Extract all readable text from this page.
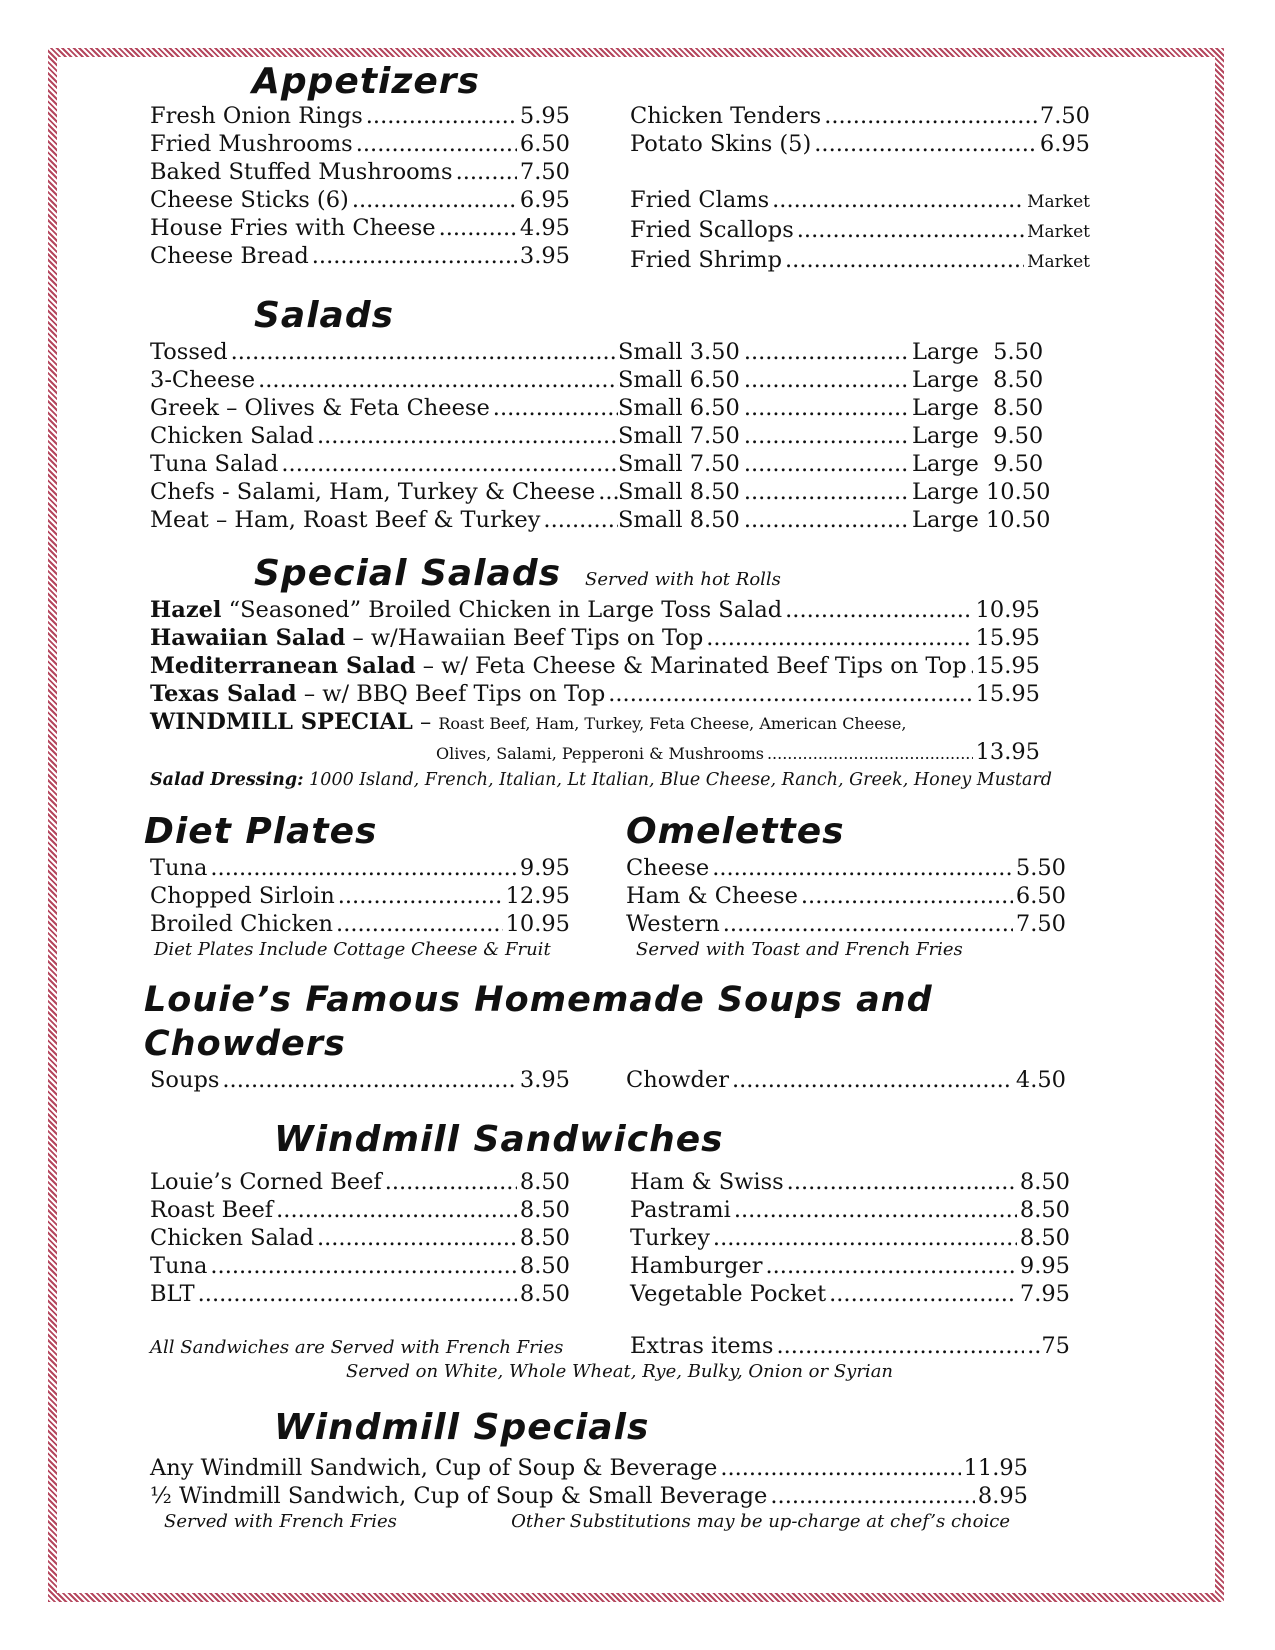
Appetizers
Fresh Onion Rings .....	5.95
Fried Mushrooms .....	6.50
Baked Stuffed Mushrooms .....	7.50
Cheese Sticks (6) .....	6.95
House Fries with Cheese .....	4.95
Cheese Bread .....	3.95
Chicken Tenders .....	7.50
Potato Skins (5) .....	6.95
Fried Clams .....	Market
Fried Scallops .....	Market
Fried Shrimp .....	Market
Salads
Tossed .....	Small 3.50 .....	Large  5.50
3-Cheese .....	Small 6.50 .....	Large  8.50
Greek – Olives & Feta Cheese .....	Small 6.50 .....	Large  8.50
Chicken Salad .....	Small 7.50 .....	Large  9.50
Tuna Salad .....	Small 7.50 .....	Large  9.50
Chefs - Salami, Ham, Turkey & Cheese ..... Small 8.50 .....	Large 10.50
Meat – Ham, Roast Beef & Turkey .....	Small 8.50 .....	Large 10.50
Special Salads Served with hot Rolls
Hazel “Seasoned” Broiled Chicken in Large Toss Salad .....	10.95
Hawaiian Salad – w/Hawaiian Beef Tips on Top .....	15.95
Mediterranean Salad – w/ Feta Cheese & Marinated Beef Tips on Top ..... 15.95
Texas Salad – w/ BBQ Beef Tips on Top .....	15.95
WINDMILL SPECIAL – Roast Beef, Ham, Turkey, Feta Cheese, American Cheese,
Olives, Salami, Pepperoni & Mushrooms .....	13.95
Salad Dressing: 1000 Island, French, Italian, Lt Italian, Blue Cheese, Ranch, Greek, Honey Mustard
Diet Plates
Tuna .....	9.95
Chopped Sirloin .....	12.95
Broiled Chicken .....	10.95
Diet Plates Include Cottage Cheese & Fruit
Omelettes
Cheese .....	5.50
Ham & Cheese .....	6.50
Western .....	7.50
Served with Toast and French Fries
Louie’s Famous Homemade Soups and Chowders
Soups .....	3.95 Chowder .....	4.50
Windmill Sandwiches
Louie’s Corned Beef .....	8.50
Roast Beef .....	8.50
Chicken Salad .....	8.50
Tuna .....	8.50
BLT .....	8.50
Ham & Swiss .....	8.50
Pastrami .....	8.50
Turkey .....	8.50
Hamburger .....	9.95
Vegetable Pocket .....	7.95
All Sandwiches are Served with French Fries	Extras items .....	..75
Served on White, Whole Wheat, Rye, Bulky, Onion or Syrian
Windmill Specials
Any Windmill Sandwich, Cup of Soup & Beverage .....	11.95
½ Windmill Sandwich, Cup of Soup & Small Beverage .....	8.95
Served with French Fries	Other Substitutions may be up-charge at chef’s choice
